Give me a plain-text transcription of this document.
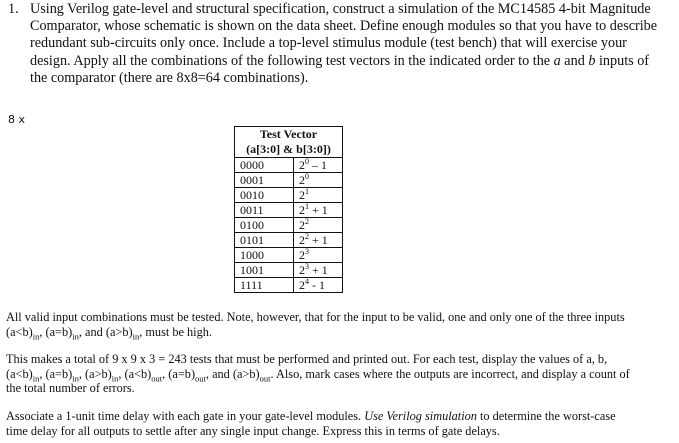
1. Using Verilog gate-level and structural specification, construct a simulation of the MC14585 4-bit Magnitude
Comparator, whose schematic is shown on the data sheet. Define enough modules so that you have to describe
redundant sub-circuits only once. Include a top-level stimulus module (test bench) that will exercise your
design. Apply all the combinations of the following test vectors in the indicated order to the a and b inputs of
the comparator (there are 8x8=64 combinations).
8 x
Test Vector	
(a[3:0] & b[3:0])	
0000	$2^0 - 1$
0001	$2^0$
0010	$2^1$
0011	$2^1 + 1$
0100	$2^2$
0101	$2^2 + 1$
1000	$2^3$
1001	$2^3 + 1$
1111	$2^4 - 1$
All valid input combinations must be tested. Note, however, that for the input to be valid, one and only one of the three inputs
$(a<b)_{in}$, $(a=b)_{in}$, and $(a>b)_{in}$, must be high.
This makes a total of 9 x 9 x 3 = 243 tests that must be performed and printed out. For each test, display the values of a, b,
$(a<b)_{in}$, $(a=b)_{in}$, $(a>b)_{in}$, $(a<b)_{out}$, $(a=b)_{out}$, and $(a>b)_{out}$. Also, mark cases where the outputs are incorrect, and display a count of
the total number of errors.
Associate a 1-unit time delay with each gate in your gate-level modules. Use Verilog simulation to determine the worst-case
time delay for all outputs to settle after any single input change. Express this in terms of gate delays.
